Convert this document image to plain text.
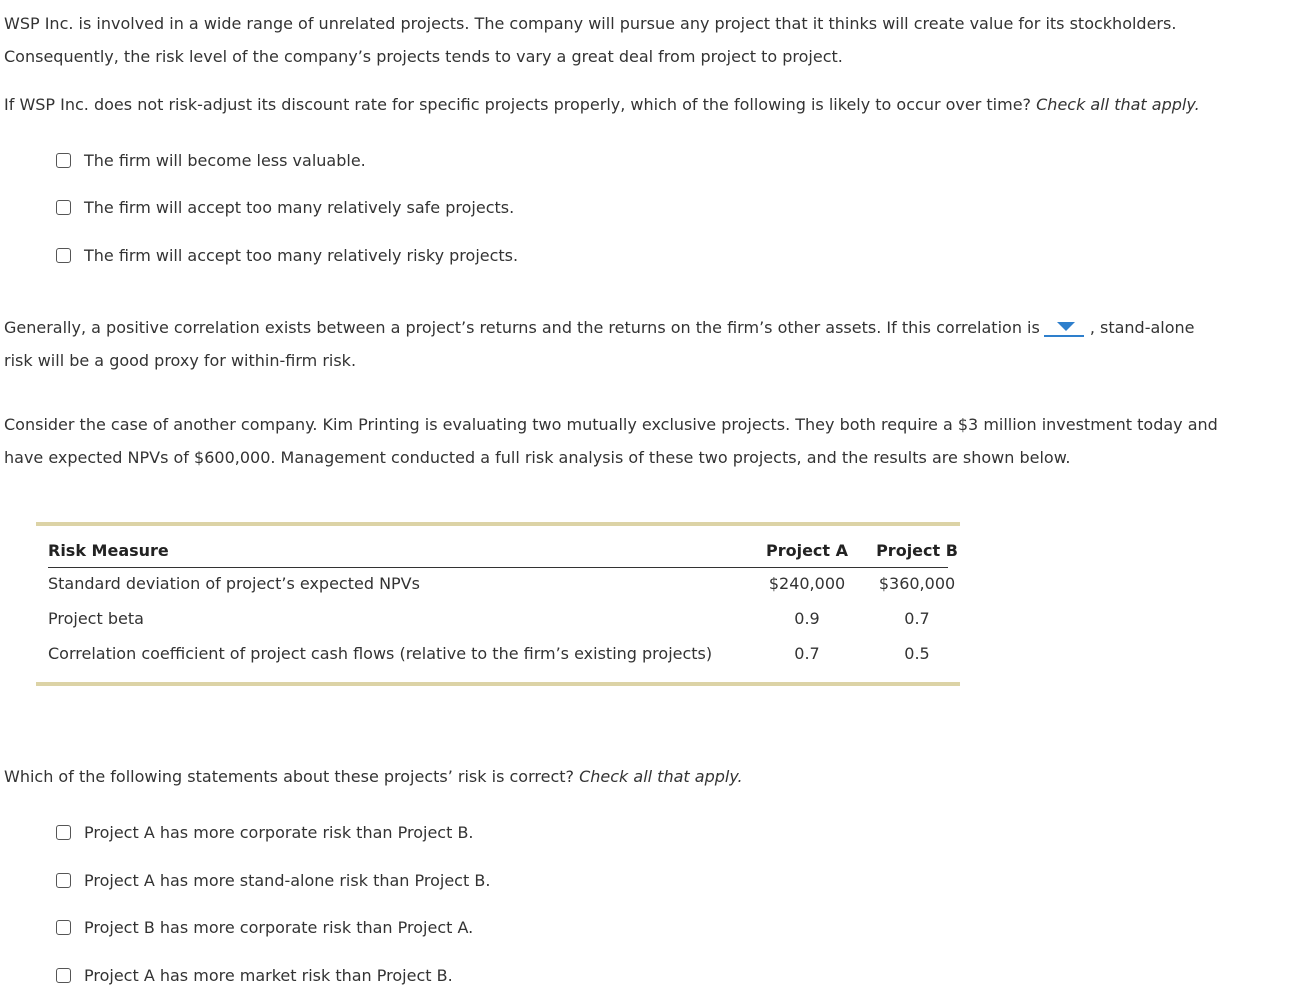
WSP Inc. is involved in a wide range of unrelated projects. The company will pursue any project that it thinks will create value for its stockholders.
Consequently, the risk level of the company’s projects tends to vary a great deal from project to project.

If WSP Inc. does not risk-adjust its discount rate for specific projects properly, which of the following is likely to occur over time? Check all that apply.

The firm will become less valuable.
The firm will accept too many relatively safe projects.
The firm will accept too many relatively risky projects.

Generally, a positive correlation exists between a project’s returns and the returns on the firm’s other assets. If this correlation is	, stand-alone
risk will be a good proxy for within-firm risk.

Consider the case of another company. Kim Printing is evaluating two mutually exclusive projects. They both require a $3 million investment today and
have expected NPVs of $600,000. Management conducted a full risk analysis of these two projects, and the results are shown below.

Risk Measure	Project A	Project B
Standard deviation of project’s expected NPVs	$240,000	$360,000
Project beta	0.9	0.7
Correlation coefficient of project cash flows (relative to the firm’s existing projects)	0.7	0.5

Which of the following statements about these projects’ risk is correct? Check all that apply.

Project A has more corporate risk than Project B.
Project A has more stand-alone risk than Project B.
Project B has more corporate risk than Project A.
Project A has more market risk than Project B.
